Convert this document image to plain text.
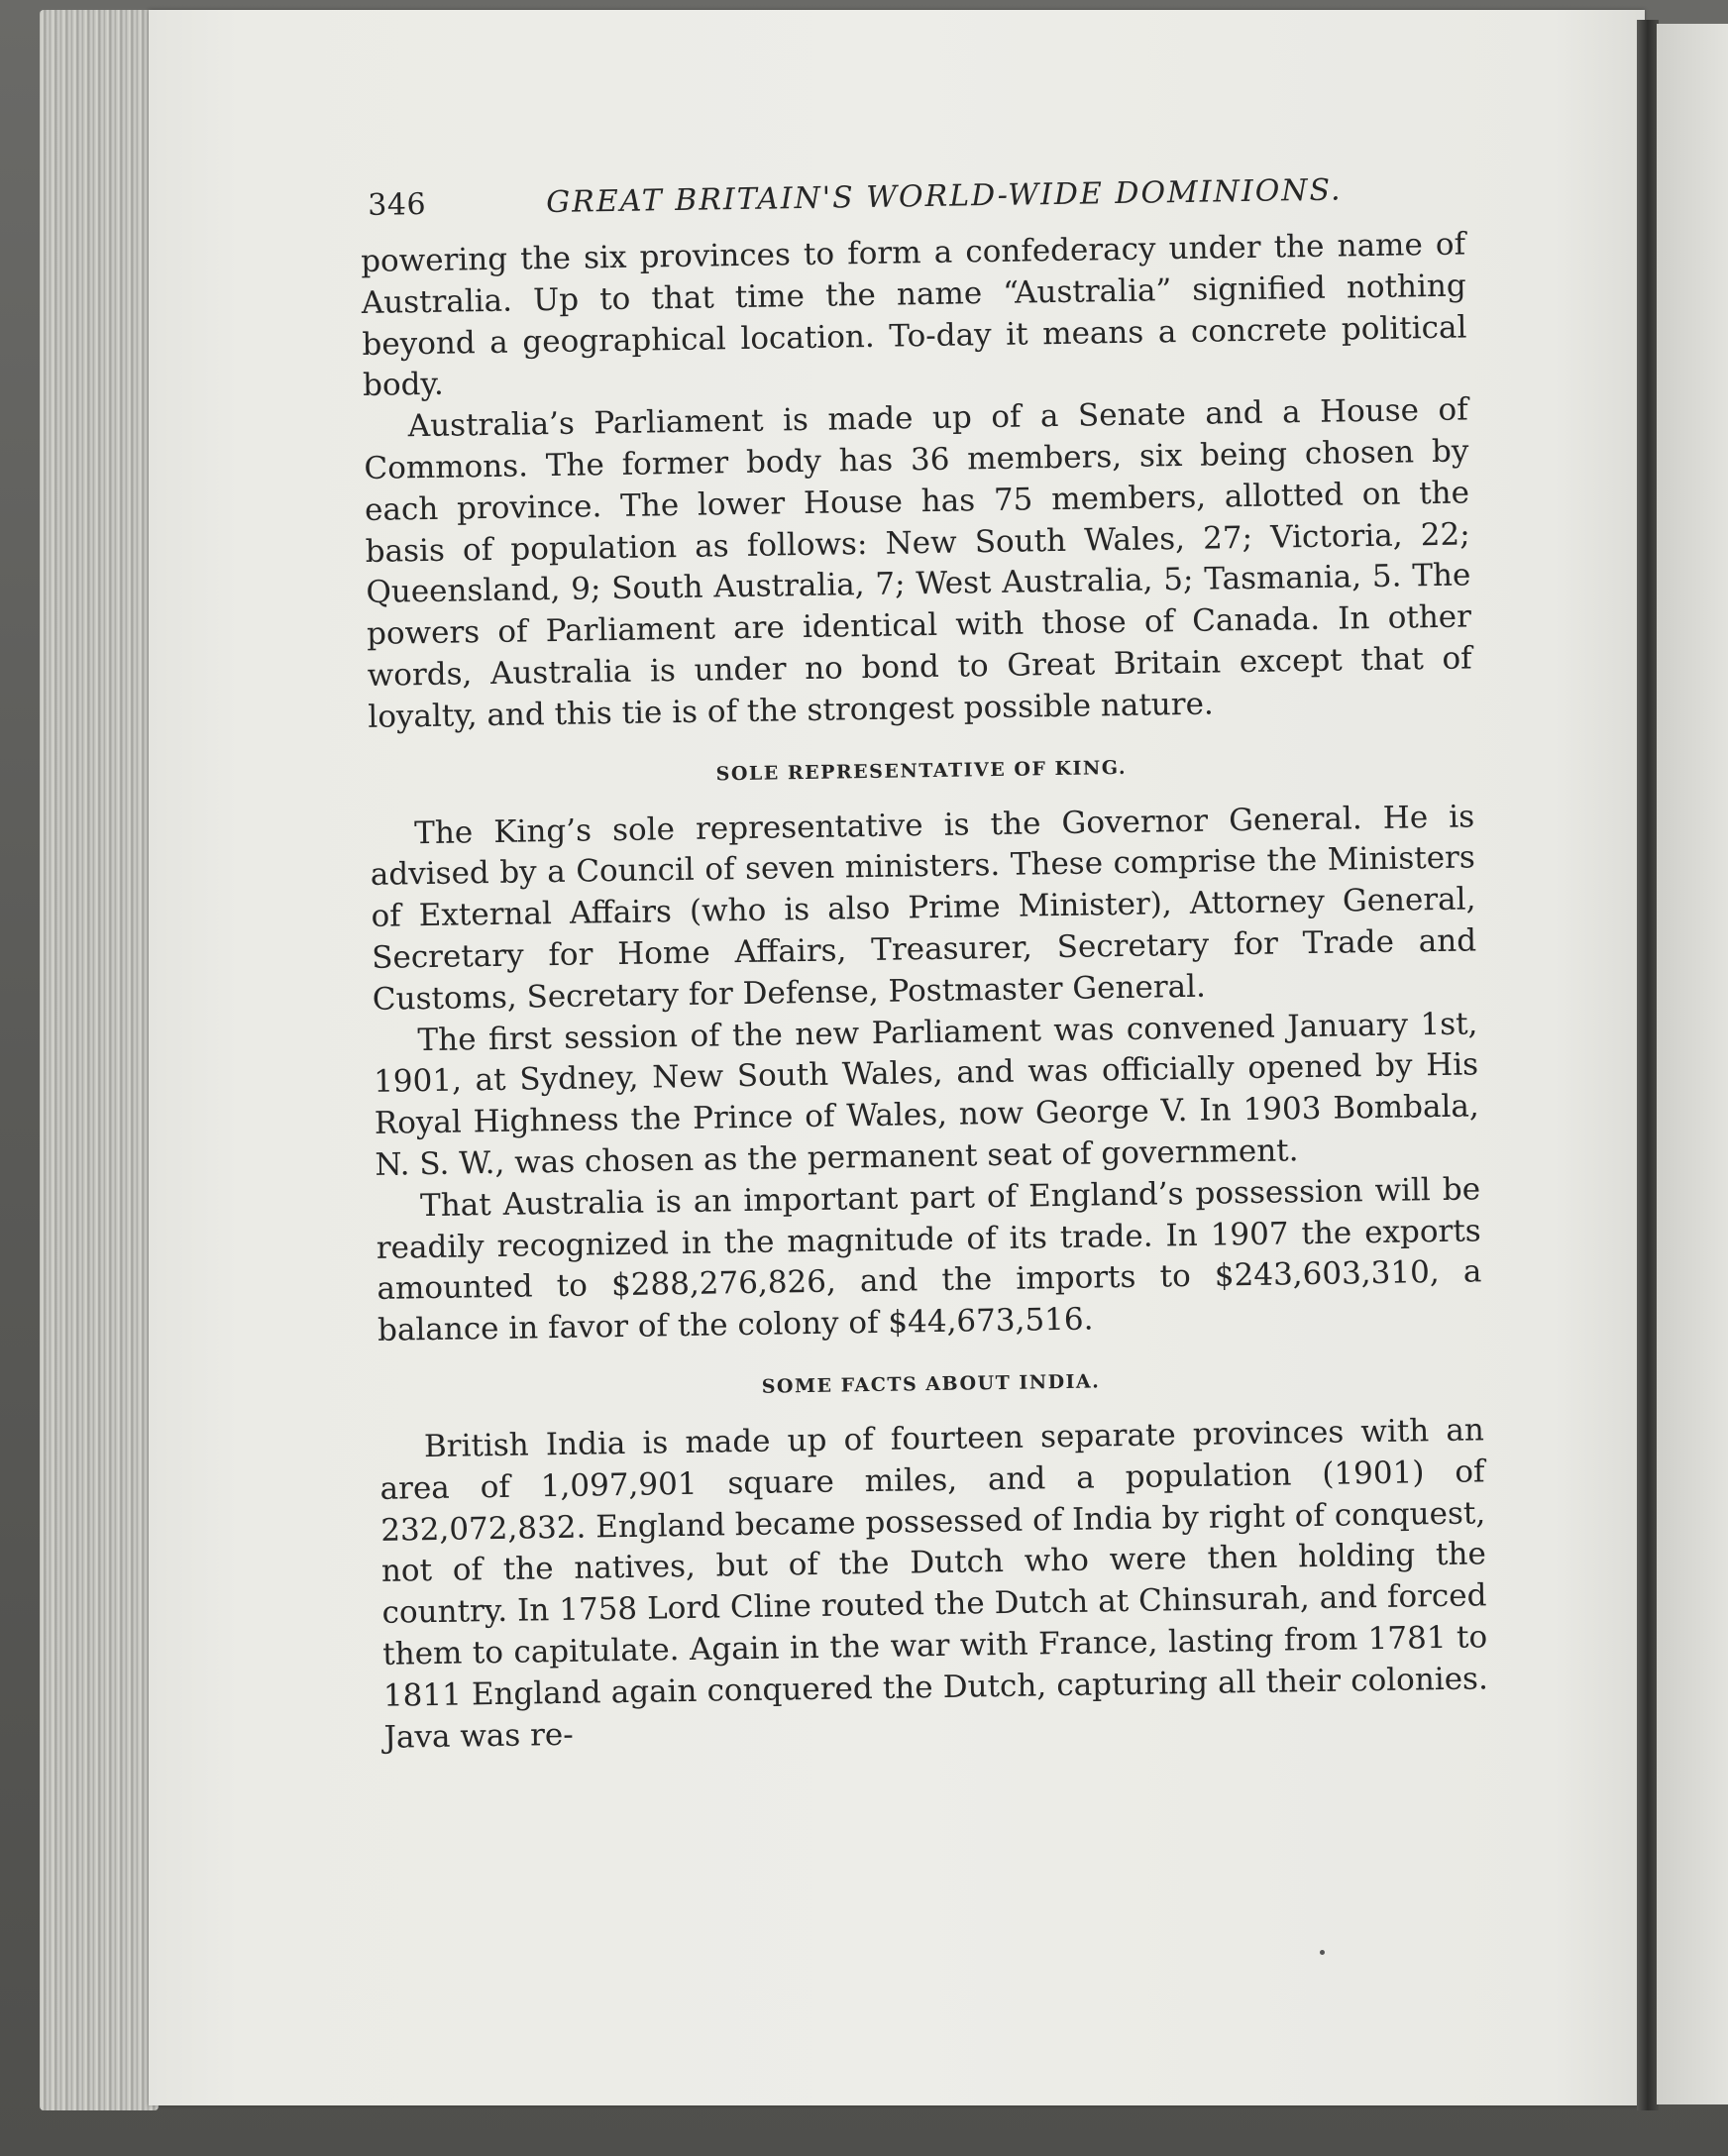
346	GREAT BRITAIN'S WORLD-WIDE DOMINIONS.

powering the six provinces to form a confederacy under the name of Australia. Up to that time the name “Australia” signified nothing beyond a geographical location. To-day it means a concrete political body.

Australia’s Parliament is made up of a Senate and a House of Commons. The former body has 36 members, six being chosen by each province. The lower House has 75 members, allotted on the basis of population as follows: New South Wales, 27; Victoria, 22; Queensland, 9; South Australia, 7; West Australia, 5; Tasmania, 5. The powers of Parliament are identical with those of Canada. In other words, Australia is under no bond to Great Britain except that of loyalty, and this tie is of the strongest possible nature.

SOLE REPRESENTATIVE OF KING.

The King’s sole representative is the Governor General. He is advised by a Council of seven ministers. These comprise the Ministers of External Affairs (who is also Prime Minister), Attorney General, Secretary for Home Affairs, Treasurer, Secretary for Trade and Customs, Secretary for Defense, Postmaster General.

The first session of the new Parliament was convened January 1st, 1901, at Sydney, New South Wales, and was officially opened by His Royal Highness the Prince of Wales, now George V. In 1903 Bombala, N. S. W., was chosen as the permanent seat of government.

That Australia is an important part of England’s possession will be readily recognized in the magnitude of its trade. In 1907 the exports amounted to $288,276,826, and the imports to $243,603,310, a balance in favor of the colony of $44,673,516.

SOME FACTS ABOUT INDIA.

British India is made up of fourteen separate provinces with an area of 1,097,901 square miles, and a population (1901) of 232,072,832. England became possessed of India by right of conquest, not of the natives, but of the Dutch who were then holding the country. In 1758 Lord Cline routed the Dutch at Chinsurah, and forced them to capitulate. Again in the war with France, lasting from 1781 to 1811 England again conquered the Dutch, capturing all their colonies. Java was re-
